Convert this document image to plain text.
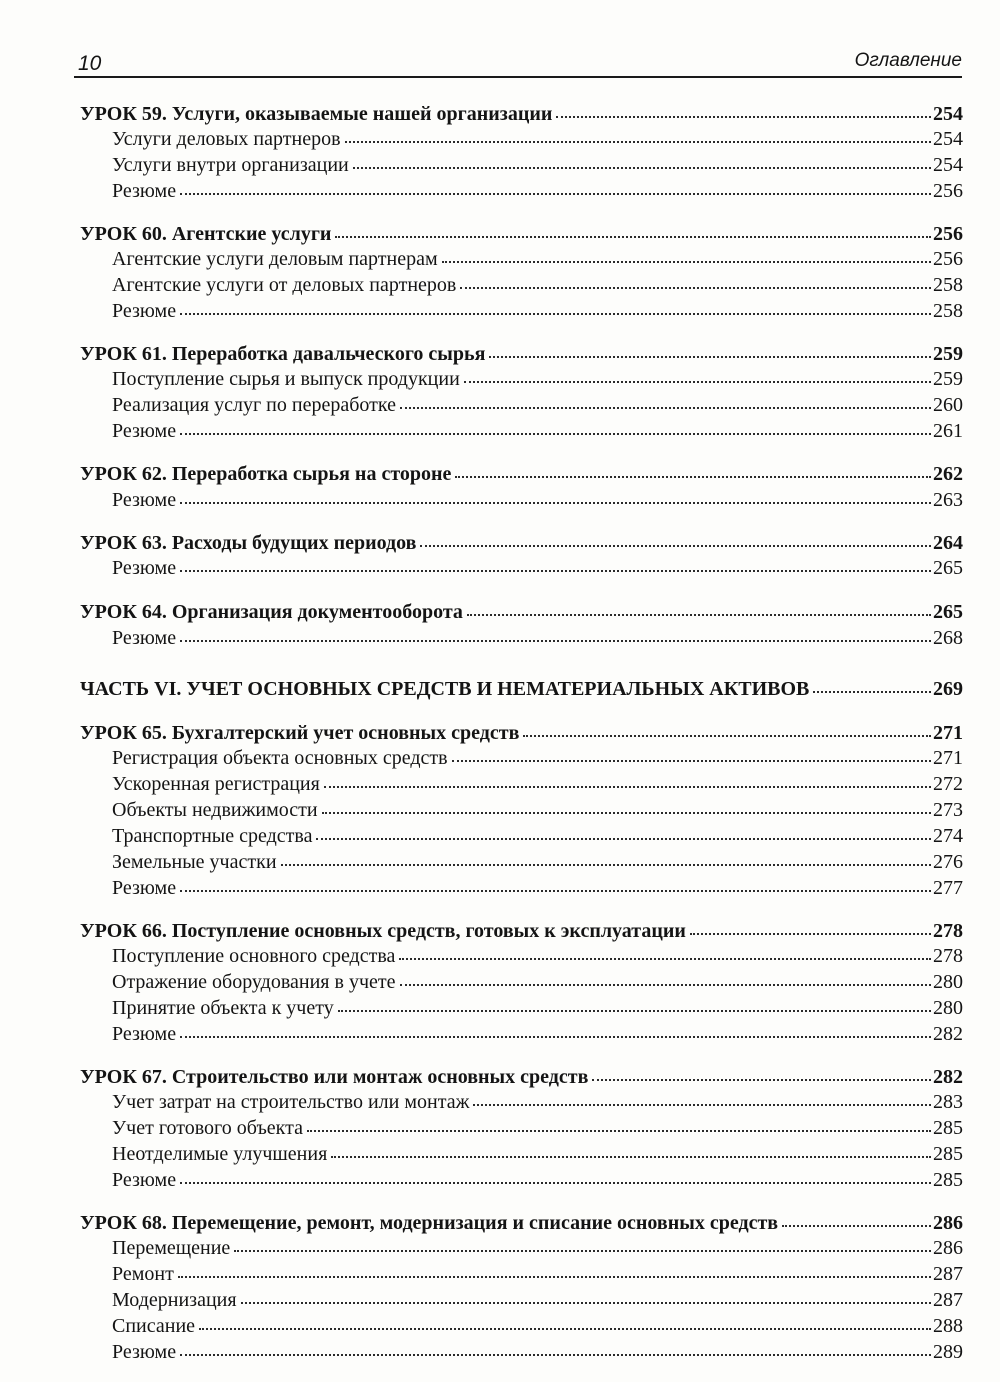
10	Оглавление
УРОК 59. Услуги, оказываемые нашей организации	254
Услуги деловых партнеров	254
Услуги внутри организации	254
Резюме	256
УРОК 60. Агентские услуги	256
Агентские услуги деловым партнерам	256
Агентские услуги от деловых партнеров	258
Резюме	258
УРОК 61. Переработка давальческого сырья	259
Поступление сырья и выпуск продукции	259
Реализация услуг по переработке	260
Резюме	261
УРОК 62. Переработка сырья на стороне	262
Резюме	263
УРОК 63. Расходы будущих периодов	264
Резюме	265
УРОК 64. Организация документооборота	265
Резюме	268
ЧАСТЬ VI. УЧЕТ ОСНОВНЫХ СРЕДСТВ И НЕМАТЕРИАЛЬНЫХ АКТИВОВ	269
УРОК 65. Бухгалтерский учет основных средств	271
Регистрация объекта основных средств	271
Ускоренная регистрация	272
Объекты недвижимости	273
Транспортные средства	274
Земельные участки	276
Резюме	277
УРОК 66. Поступление основных средств, готовых к эксплуатации	278
Поступление основного средства	278
Отражение оборудования в учете	280
Принятие объекта к учету	280
Резюме	282
УРОК 67. Строительство или монтаж основных средств	282
Учет затрат на строительство или монтаж	283
Учет готового объекта	285
Неотделимые улучшения	285
Резюме	285
УРОК 68. Перемещение, ремонт, модернизация и списание основных средств	286
Перемещение	286
Ремонт	287
Модернизация	287
Списание	288
Резюме	289
